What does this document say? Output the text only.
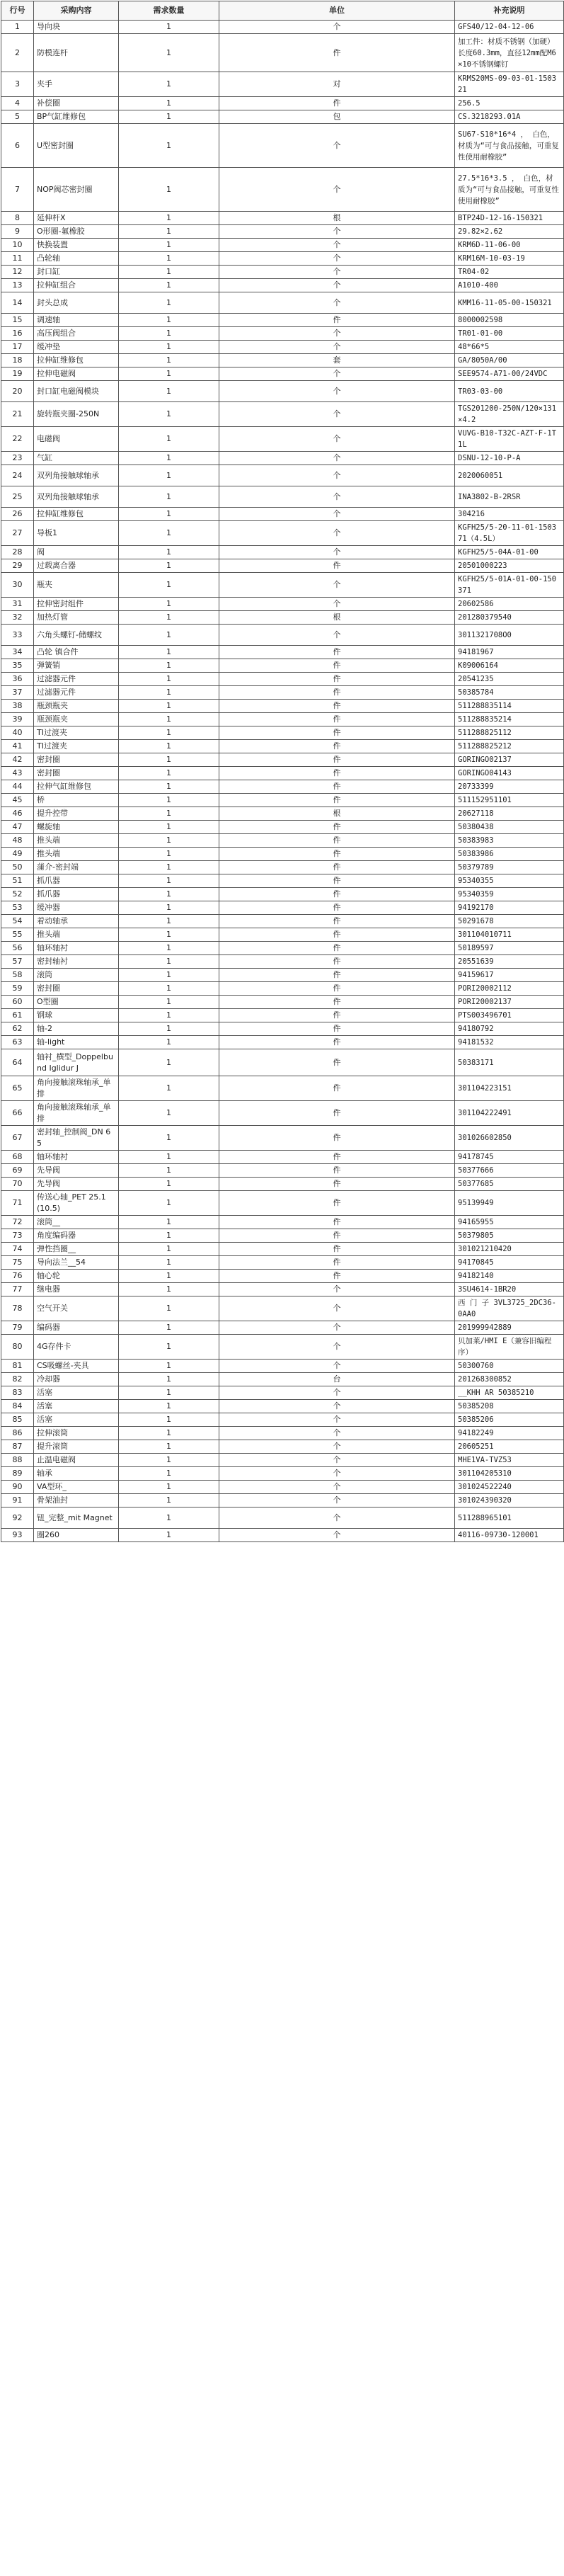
行号	采购内容	需求数量	单位	补充说明
1	导向块	1	个	GFS40/12-04-12-06
2	防模连杆	1	件	加工件：材质不锈钢（加硬）长度60.3mm，直径12mm配M6×10不锈钢螺钉
3	夹手	1	对	KRMS20MS-09-03-01-150321
4	补偿圈	1	件	256.5
5	BP气缸维修包	1	包	CS.3218293.01A
6	U型密封圈	1	个	SU67-S10*16*4 ， 白色，材质为“可与食品接触，可重复性使用耐橡胶”
7	NOP阀芯密封圈	1	个	27.5*16*3.5 ， 白色，材质为“可与食品接触，可重复性使用耐橡胶”
8	延伸杆X	1	根	BTP24D-12-16-150321
9	O形圈-氟橡胶	1	个	29.82×2.62
10	快换装置	1	个	KRM6D-11-06-00
11	凸轮轴	1	个	KRM16M-10-03-19
12	封口缸	1	个	TR04-02
13	拉伸缸组合	1	个	A1010-400
14	封头总成	1	个	KMM16-11-05-00-150321
15	调速轴	1	件	8000002598
16	高压阀组合	1	个	TR01-01-00
17	缓冲垫	1	个	48*66*5
18	拉伸缸维修包	1	套	GA/8050A/00
19	拉伸电磁阀	1	个	SEE9574-A71-00/24VDC
20	封口缸电磁阀模块	1	个	TR03-03-00
21	旋转瓶夹圈-250N	1	个	TGS201200-250N/120×131×4.2
22	电磁阀	1	个	VUVG-B10-T32C-AZT-F-1T1L
23	气缸	1	个	DSNU-12-10-P-A
24	双列角接触球轴承	1	个	2020060051
25	双列角接触球轴承	1	个	INA3802-B-2RSR
26	拉伸缸维修包	1	个	304216
27	导板1	1	个	KGFH25/5-20-11-01-150371（4.5L）
28	阀	1	个	KGFH25/5-04A-01-00
29	过载离合器	1	件	20501000223
30	瓶夹	1	个	KGFH25/5-01A-01-00-150371
31	拉伸密封组件	1	个	20602586
32	加热灯管	1	根	201280379540
33	六角头螺钉-储螺纹	1	个	3011321708O0
34	凸轮 镇合件	1	件	94181967
35	弹簧销	1	件	K09006164
36	过滤器元件	1	件	20541235
37	过滤器元件	1	件	50385784
38	瓶颈瓶夹	1	件	511288835114
39	瓶颈瓶夹	1	件	511288835214
40	TI过渡夹	1	件	511288825112
41	TI过渡夹	1	件	511288825212
42	密封圈	1	件	GORINGO02137
43	密封圈	1	件	GORINGO04143
44	拉伸气缸维修包	1	件	20733399
45	桥	1	件	511152951101
46	提升控带	1	根	20627118
47	螺旋轴	1	件	50380438
48	推头端	1	件	50383983
49	推头端	1	件	50383986
50	蒲介-密封端	1	件	50379789
51	抓爪器	1	件	95340355
52	抓爪器	1	件	95340359
53	缓冲器	1	件	94192170
54	着动轴承	1	件	50291678
55	推头端	1	件	301104010711
56	轴环轴衬	1	件	50189597
57	密封轴衬	1	件	20551639
58	滚筒	1	件	94159617
59	密封圈	1	件	PORI20002112
60	O型圈	1	件	PORI20002137
61	钢球	1	件	PTS003496701
62	轴-2	1	件	94180792
63	轴-light	1	件	94181532
64	轴衬_横型_Doppelbund Iglidur J	1	件	50383171
65	角向接触滚珠轴承_单排	1	件	301104223151
66	角向接触滚珠轴承_单排	1	件	301104222491
67	密封轴_控制阀_DN 65	1	件	301026602850
68	轴环轴衬	1	件	94178745
69	先导阀	1	件	50377666
70	先导阀	1	件	50377685
71	传送心轴_PET 25.1 (10.5)	1	件	95139949
72	滚筒__	1	件	94165955
73	角度编码器	1	件	50379805
74	弹性挡圈__	1	件	301021210420
75	导向法兰__54	1	件	94170845
76	轴心轮	1	件	94182140
77	继电器	1	个	3SU4614-1BR20
78	空气开关	1	个	西 门 子 3VL3725_2DC36-0AA0
79	编码器	1	个	201999942889
80	4G存件卡	1	个	贝加莱/HMI E（兼容旧编程序）
81	CS吸螺丝-夹具	1	个	50300760
82	冷却器	1	台	201268300852
83	活塞	1	个	__KHH AR 50385210
84	活塞	1	个	50385208
85	活塞	1	个	50385206
86	拉伸滚筒	1	个	94182249
87	提升滚筒	1	个	20605251
88	止温电磁阀	1	个	MHE1VA-TVZ53
89	轴承	1	个	301104205310
90	VA型环_	1	个	301024522240
91	骨架油封	1	个	301024390320
92	钮_完整_mit Magnet	1	个	511288965101
93	圈260	1	个	40116-09730-120001
